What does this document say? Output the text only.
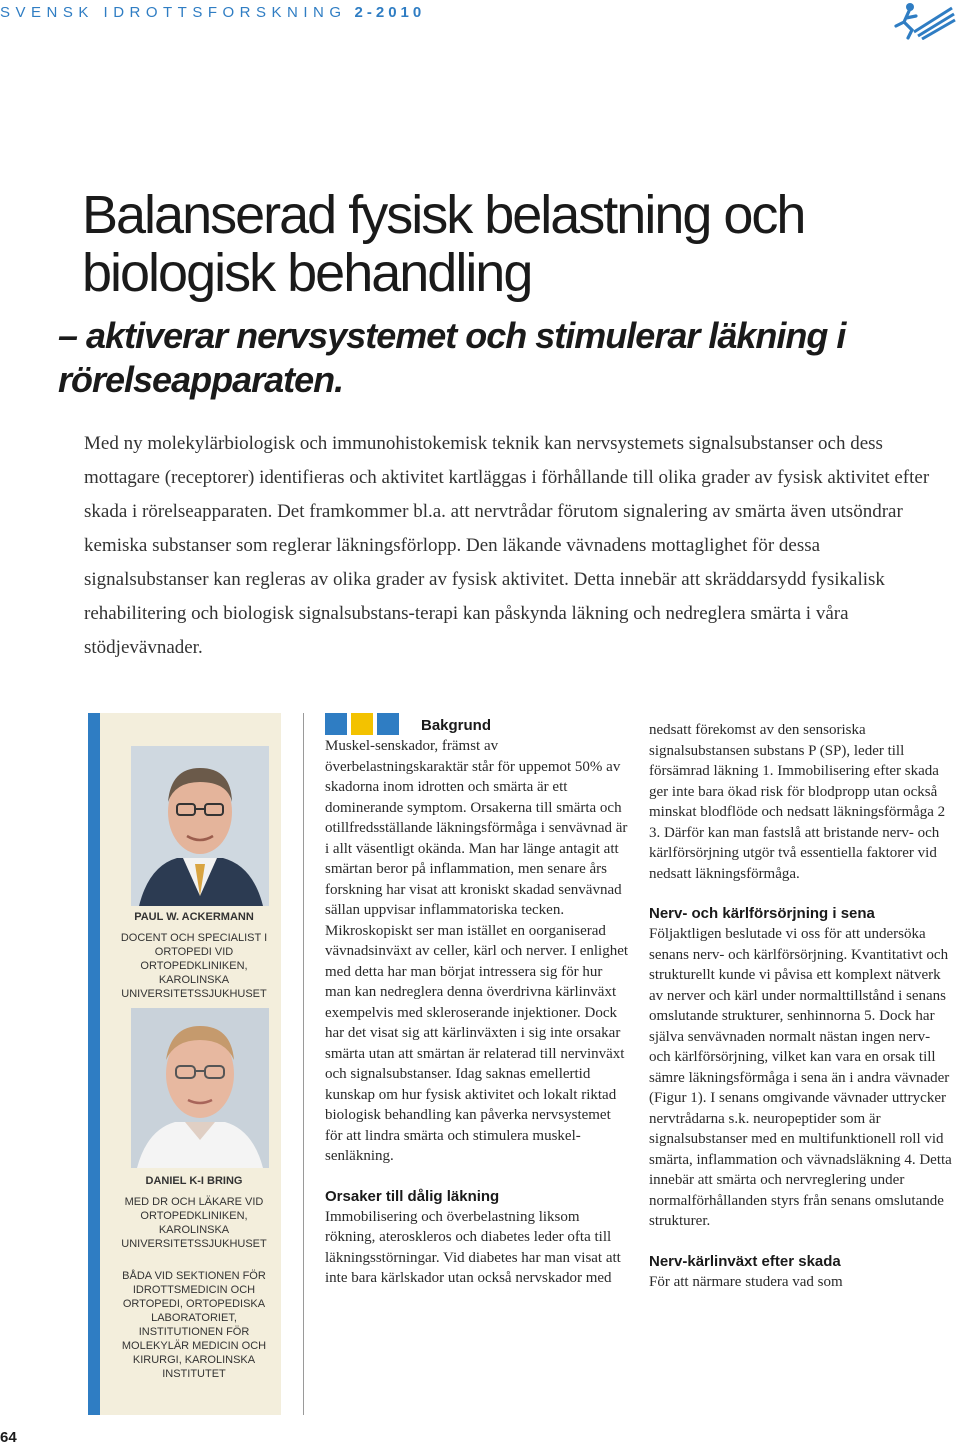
SVENSK IDROTTSFORSKNING 2-2010
Balanserad fysisk belastning och biologisk behandling
– aktiverar nervsystemet och stimulerar läkning i rörelseapparaten.

Med ny molekylärbiologisk och immunohistokemisk teknik kan nervsystemets signalsubstanser och dess mottagare (receptorer) identifieras och aktivitet kartläggas i förhållande till olika grader av fysisk aktivitet efter skada i rörelseapparaten. Det framkommer bl.a. att nervtrådar förutom signalering av smärta även utsöndrar kemiska substanser som reglerar läkningsförlopp. Den läkande vävnadens mottaglighet för dessa signalsubstanser kan regleras av olika grader av fysisk aktivitet. Detta innebär att skräddarsydd fysikalisk rehabilitering och biologisk signalsubstans-terapi kan påskynda läkning och nedreglera smärta i våra stödjevävnader.

PAUL W. ACKERMANN
DOCENT OCH SPECIALIST I ORTOPEDI VID ORTOPEDKLINIKEN, KAROLINSKA UNIVERSITETSSJUKHUSET
DANIEL K-I BRING
MED DR OCH LÄKARE VID ORTOPEDKLINIKEN, KAROLINSKA UNIVERSITETSSJUKHUSET
BÅDA VID SEKTIONEN FÖR IDROTTSMEDICIN OCH ORTOPEDI, ORTOPEDISKA LABORATORIET, INSTITUTIONEN FÖR MOLEKYLÄR MEDICIN OCH KIRURGI, KAROLINSKA INSTITUTET
Bakgrund

Muskel-senskador, främst av överbelastningskaraktär står för uppemot 50% av skadorna inom idrotten och smärta är ett dominerande symptom. Orsakerna till smärta och otillfredsställande läkningsförmåga i senvävnad är i allt väsentligt okända. Man har länge antagit att smärtan beror på inflammation, men senare års forskning har visat att kroniskt skadad senvävnad sällan uppvisar inflammatoriska tecken. Mikroskopiskt ser man istället en oorganiserad vävnadsinväxt av celler, kärl och nerver. I enlighet med detta har man börjat intressera sig för hur man kan nedreglera denna överdrivna kärlinväxt exempelvis med skleroserande injektioner. Dock har det visat sig att kärlinväxten i sig inte orsakar smärta utan att smärtan är relaterad till nervinväxt och signalsubstanser. Idag saknas emellertid kunskap om hur fysisk aktivitet och lokalt riktad biologisk behandling kan påverka nervsystemet för att lindra smärta och stimulera muskel-senläkning.

Orsaker till dålig läkning

Immobilisering och överbelastning liksom rökning, ateroskleros och diabetes leder ofta till läkningsstörningar. Vid diabetes har man visat att inte bara kärlskador utan också nervskador med

nedsatt förekomst av den sensoriska signalsubstansen substans P (SP), leder till försämrad läkning 1. Immobilisering efter skada ger inte bara ökad risk för blodpropp utan också minskat blodflöde och nedsatt läkningsförmåga 2 3. Därför kan man fastslå att bristande nerv- och kärlförsörjning utgör två essentiella faktorer vid nedsatt läkningsförmåga.

Nerv- och kärlförsörjning i sena

Följaktligen beslutade vi oss för att undersöka senans nerv- och kärlförsörjning. Kvantitativt och strukturellt kunde vi påvisa ett komplext nätverk av nerver och kärl under normalttillstånd i senans omslutande strukturer, senhinnorna 5. Dock har själva senvävnaden normalt nästan ingen nerv- och kärlförsörjning, vilket kan vara en orsak till sämre läkningsförmåga i sena än i andra vävnader (Figur 1). I senans omgivande vävnader uttrycker nervtrådarna s.k. neuropeptider som är signalsubstanser med en multifunktionell roll vid smärta, inflammation och vävnadsläkning 4. Detta innebär att smärta och nervreglering under normalförhållanden styrs från senans omslutande strukturer.

Nerv-kärlinväxt efter skada

För att närmare studera vad som

64
